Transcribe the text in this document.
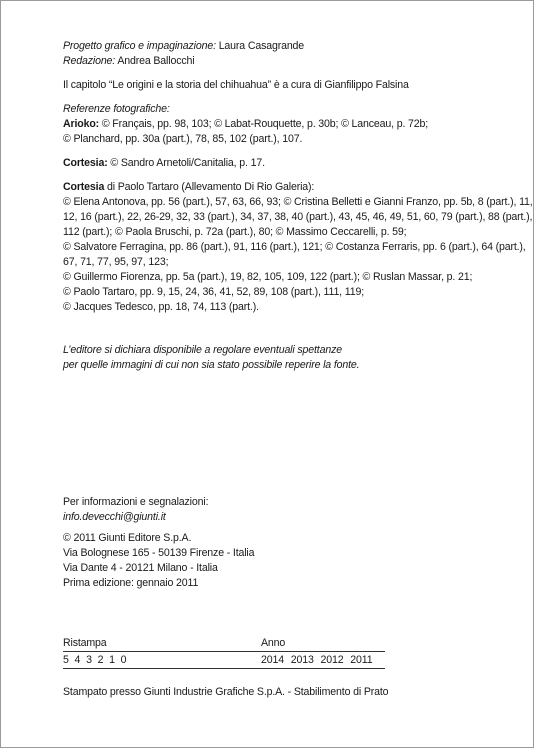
Progetto grafico e impaginazione: Laura Casagrande
Redazione: Andrea Ballocchi
Il capitolo “Le origini e la storia del chihuahua” è a cura di Gianfilippo Falsina
Referenze fotografiche:
Arioko: © Français, pp. 98, 103; © Labat-Rouquette, p. 30b; © Lanceau, p. 72b;
© Planchard, pp. 30a (part.), 78, 85, 102 (part.), 107.
Cortesia: © Sandro Arnetoli/Canitalia, p. 17.
Cortesia di Paolo Tartaro (Allevamento Di Rio Galeria):
© Elena Antonova, pp. 56 (part.), 57, 63, 66, 93; © Cristina Belletti e Gianni Franzo, pp. 5b, 8 (part.), 11,
12, 16 (part.), 22, 26-29, 32, 33 (part.), 34, 37, 38, 40 (part.), 43, 45, 46, 49, 51, 60, 79 (part.), 88 (part.),
112 (part.); © Paola Bruschi, p. 72a (part.), 80; © Massimo Ceccarelli, p. 59;
© Salvatore Ferragina, pp. 86 (part.), 91, 116 (part.), 121; © Costanza Ferraris, pp. 6 (part.), 64 (part.),
67, 71, 77, 95, 97, 123;
© Guillermo Fiorenza, pp. 5a (part.), 19, 82, 105, 109, 122 (part.); © Ruslan Massar, p. 21;
© Paolo Tartaro, pp. 9, 15, 24, 36, 41, 52, 89, 108 (part.), 111, 119;
© Jacques Tedesco, pp. 18, 74, 113 (part.).
L’editore si dichiara disponibile a regolare eventuali spettanze
per quelle immagini di cui non sia stato possibile reperire la fonte.
Per informazioni e segnalazioni:
info.devecchi@giunti.it
© 2011 Giunti Editore S.p.A.
Via Bolognese 165 - 50139 Firenze - Italia
Via Dante 4 - 20121 Milano - Italia
Prima edizione: gennaio 2011
Ristampa	Anno
5 4 3 2 1 0	2014 2013 2012 2011
Stampato presso Giunti Industrie Grafiche S.p.A. - Stabilimento di Prato
